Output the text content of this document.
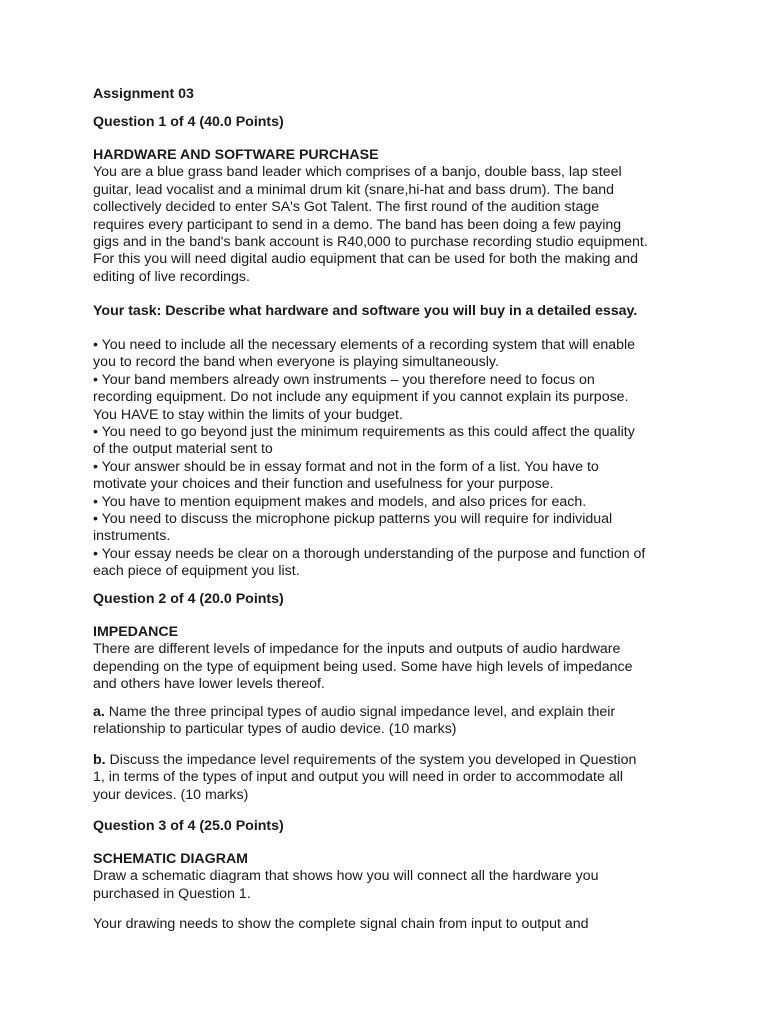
Assignment 03

Question 1 of 4 (40.0 Points)

HARDWARE AND SOFTWARE PURCHASE

You are a blue grass band leader which comprises of a banjo, double bass, lap steel

guitar, lead vocalist and a minimal drum kit (snare,hi-hat and bass drum). The band

collectively decided to enter SA's Got Talent. The first round of the audition stage

requires every participant to send in a demo. The band has been doing a few paying

gigs and in the band's bank account is R40,000 to purchase recording studio equipment.

For this you will need digital audio equipment that can be used for both the making and

editing of live recordings.

Your task: Describe what hardware and software you will buy in a detailed essay.

• You need to include all the necessary elements of a recording system that will enable

you to record the band when everyone is playing simultaneously.

• Your band members already own instruments – you therefore need to focus on

recording equipment. Do not include any equipment if you cannot explain its purpose.

You HAVE to stay within the limits of your budget.

• You need to go beyond just the minimum requirements as this could affect the quality

of the output material sent to

• Your answer should be in essay format and not in the form of a list. You have to

motivate your choices and their function and usefulness for your purpose.

• You have to mention equipment makes and models, and also prices for each.

• You need to discuss the microphone pickup patterns you will require for individual

instruments.

• Your essay needs be clear on a thorough understanding of the purpose and function of

each piece of equipment you list.

Question 2 of 4 (20.0 Points)

IMPEDANCE

There are different levels of impedance for the inputs and outputs of audio hardware

depending on the type of equipment being used. Some have high levels of impedance

and others have lower levels thereof.

a. Name the three principal types of audio signal impedance level, and explain their

relationship to particular types of audio device. (10 marks)

b. Discuss the impedance level requirements of the system you developed in Question

1, in terms of the types of input and output you will need in order to accommodate all

your devices. (10 marks)

Question 3 of 4 (25.0 Points)

SCHEMATIC DIAGRAM

Draw a schematic diagram that shows how you will connect all the hardware you

purchased in Question 1.

Your drawing needs to show the complete signal chain from input to output and
